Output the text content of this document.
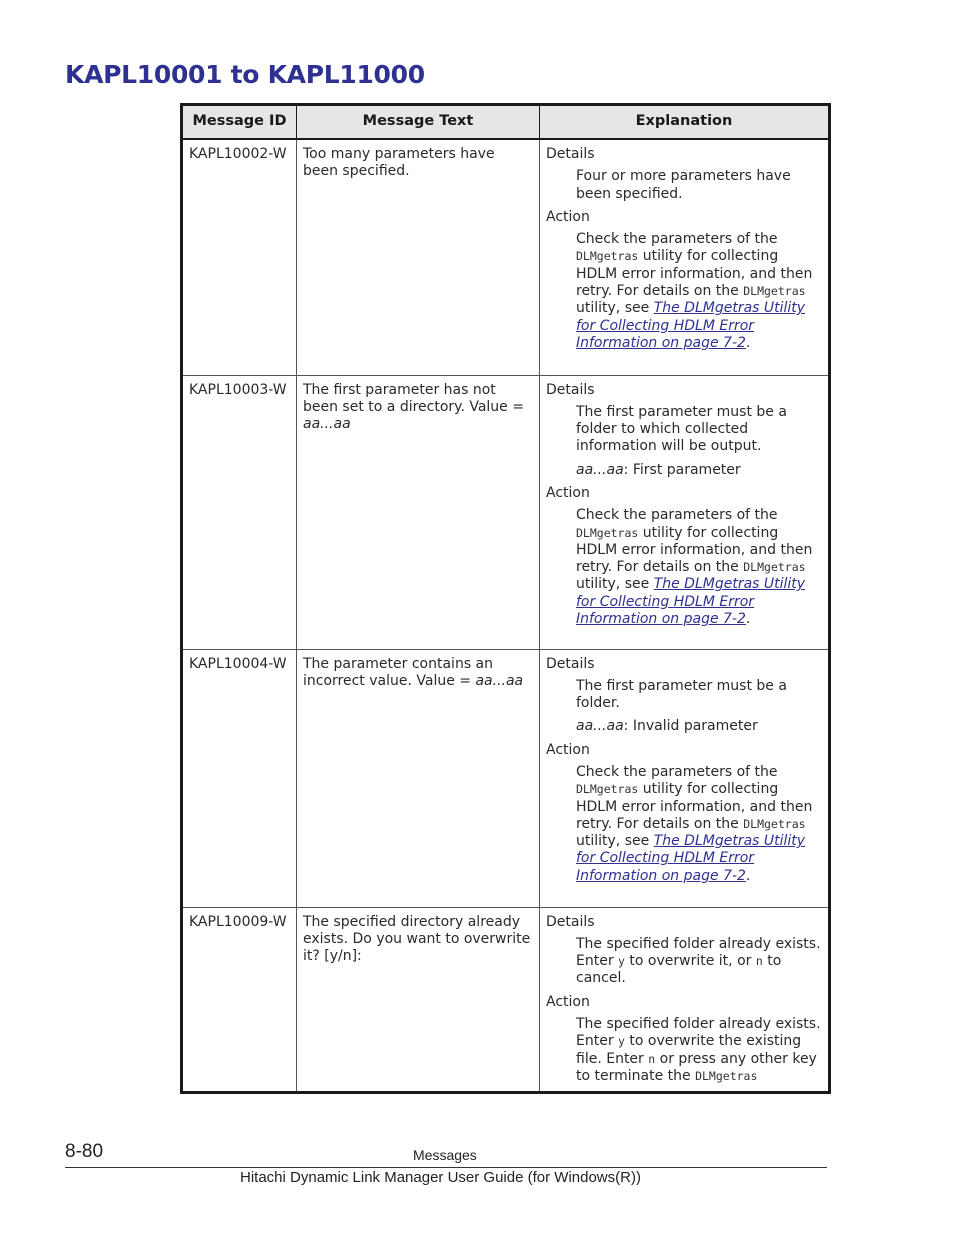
KAPL10001 to KAPL11000
Message ID	Message Text	Explanation
KAPL10002-W	Too many parameters have been specified.	Details

Four or more parameters have been specified.

Action

Check the parameters of the DLMgetras utility for collecting HDLM error information, and then retry. For details on the DLMgetras utility, see The DLMgetras Utility for Collecting HDLM Error Information on page 7-2.

KAPL10003-W	The first parameter has not been set to a directory. Value = aa...aa	Details

The first parameter must be a folder to which collected information will be output.

aa...aa: First parameter

Action

Check the parameters of the DLMgetras utility for collecting HDLM error information, and then retry. For details on the DLMgetras utility, see The DLMgetras Utility for Collecting HDLM Error Information on page 7-2.

KAPL10004-W	The parameter contains an incorrect value. Value = aa...aa	Details

The first parameter must be a folder.

aa...aa: Invalid parameter

Action

Check the parameters of the DLMgetras utility for collecting HDLM error information, and then retry. For details on the DLMgetras utility, see The DLMgetras Utility for Collecting HDLM Error Information on page 7-2.

KAPL10009-W	The specified directory already exists. Do you want to overwrite it? [y/n]:	Details

The specified folder already exists. Enter y to overwrite it, or n to cancel.

Action

The specified folder already exists. Enter y to overwrite the existing file. Enter n or press any other key to terminate the DLMgetras

8-80	Messages
Hitachi Dynamic Link Manager User Guide (for Windows(R))
